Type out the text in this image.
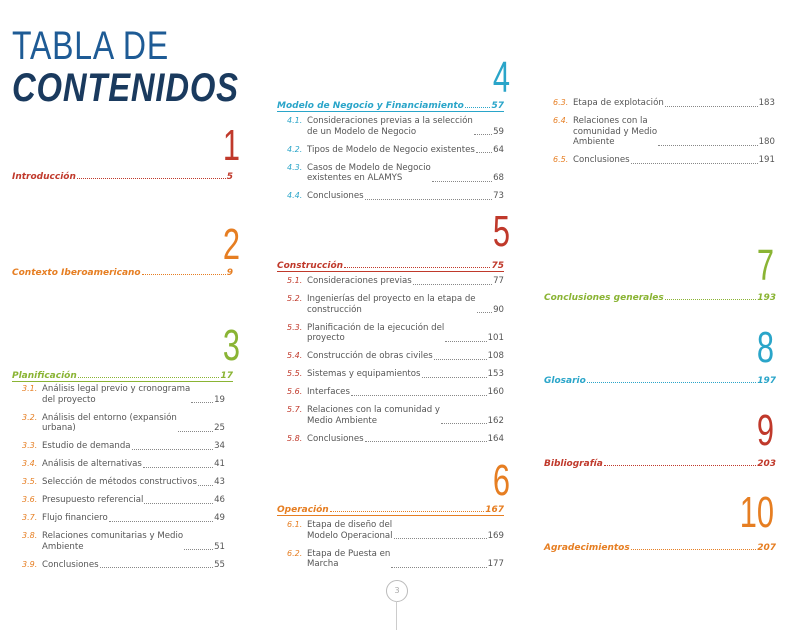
TABLA DE
CONTENIDOS
1
Introducción	5
2
Contexto Iberoamericano	9
3
Planificación	17
3.1. Análisis legal previo y cronograma
del proyecto	19
3.2. Análisis del entorno (expansión
urbana)	25
3.3. Estudio de demanda	34
3.4. Análisis de alternativas	41
3.5. Selección de métodos constructivos 43
3.6. Presupuesto referencial	46
3.7. Flujo financiero	49
3.8. Relaciones comunitarias y Medio
Ambiente	51
3.9. Conclusiones	55
4
Modelo de Negocio y Financiamiento	57
4.1. Consideraciones previas a la selección
de un Modelo de Negocio	59
4.2. Tipos de Modelo de Negocio existentes 64
4.3. Casos de Modelo de Negocio
existentes en ALAMYS	68
4.4. Conclusiones	73
5
Construcción	75
5.1. Consideraciones previas	77
5.2. Ingenierías del proyecto en la etapa de
construcción	90
5.3. Planificación de la ejecución del
proyecto	101
5.4. Construcción de obras civiles	108
5.5. Sistemas y equipamientos	153
5.6. Interfaces	160
5.7. Relaciones con la comunidad y
Medio Ambiente	162
5.8. Conclusiones	164
6
Operación	167
6.1. Etapa de diseño del
Modelo Operacional	169
6.2. Etapa de Puesta en
Marcha	177
6.3. Etapa de explotación	183
6.4. Relaciones con la
comunidad y Medio
Ambiente	180
6.5. Conclusiones	191
7
Conclusiones generales	193
8
Glosario	197
9
Bibliografía	203
10
Agradecimientos	207
3
